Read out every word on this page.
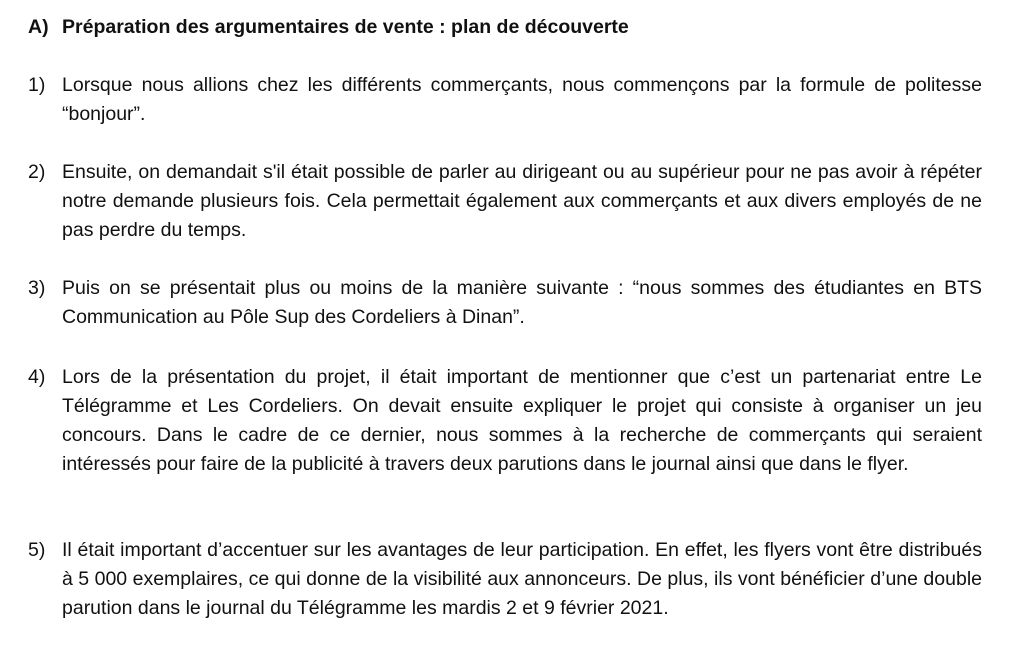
A) Préparation des argumentaires de vente : plan de découverte
1) Lorsque nous allions chez les différents commerçants, nous commençons par la formule de politesse “bonjour”.
2) Ensuite, on demandait s'il était possible de parler au dirigeant ou au supérieur pour ne pas avoir à répéter notre demande plusieurs fois. Cela permettait également aux commerçants et aux divers employés de ne pas perdre du temps.
3) Puis on se présentait plus ou moins de la manière suivante : “nous sommes des étudiantes en BTS Communication au Pôle Sup des Cordeliers à Dinan”.
4) Lors de la présentation du projet, il était important de mentionner que c’est un partenariat entre Le Télégramme et Les Cordeliers. On devait ensuite expliquer le projet qui consiste à organiser un jeu concours. Dans le cadre de ce dernier, nous sommes à la recherche de commerçants qui seraient intéressés pour faire de la publicité à travers deux parutions dans le journal ainsi que dans le flyer.
5) Il était important d’accentuer sur les avantages de leur participation. En effet, les flyers vont être distribués à 5 000 exemplaires, ce qui donne de la visibilité aux annonceurs. De plus, ils vont bénéficier d’une double parution dans le journal du Télégramme les mardis 2 et 9 février 2021.
